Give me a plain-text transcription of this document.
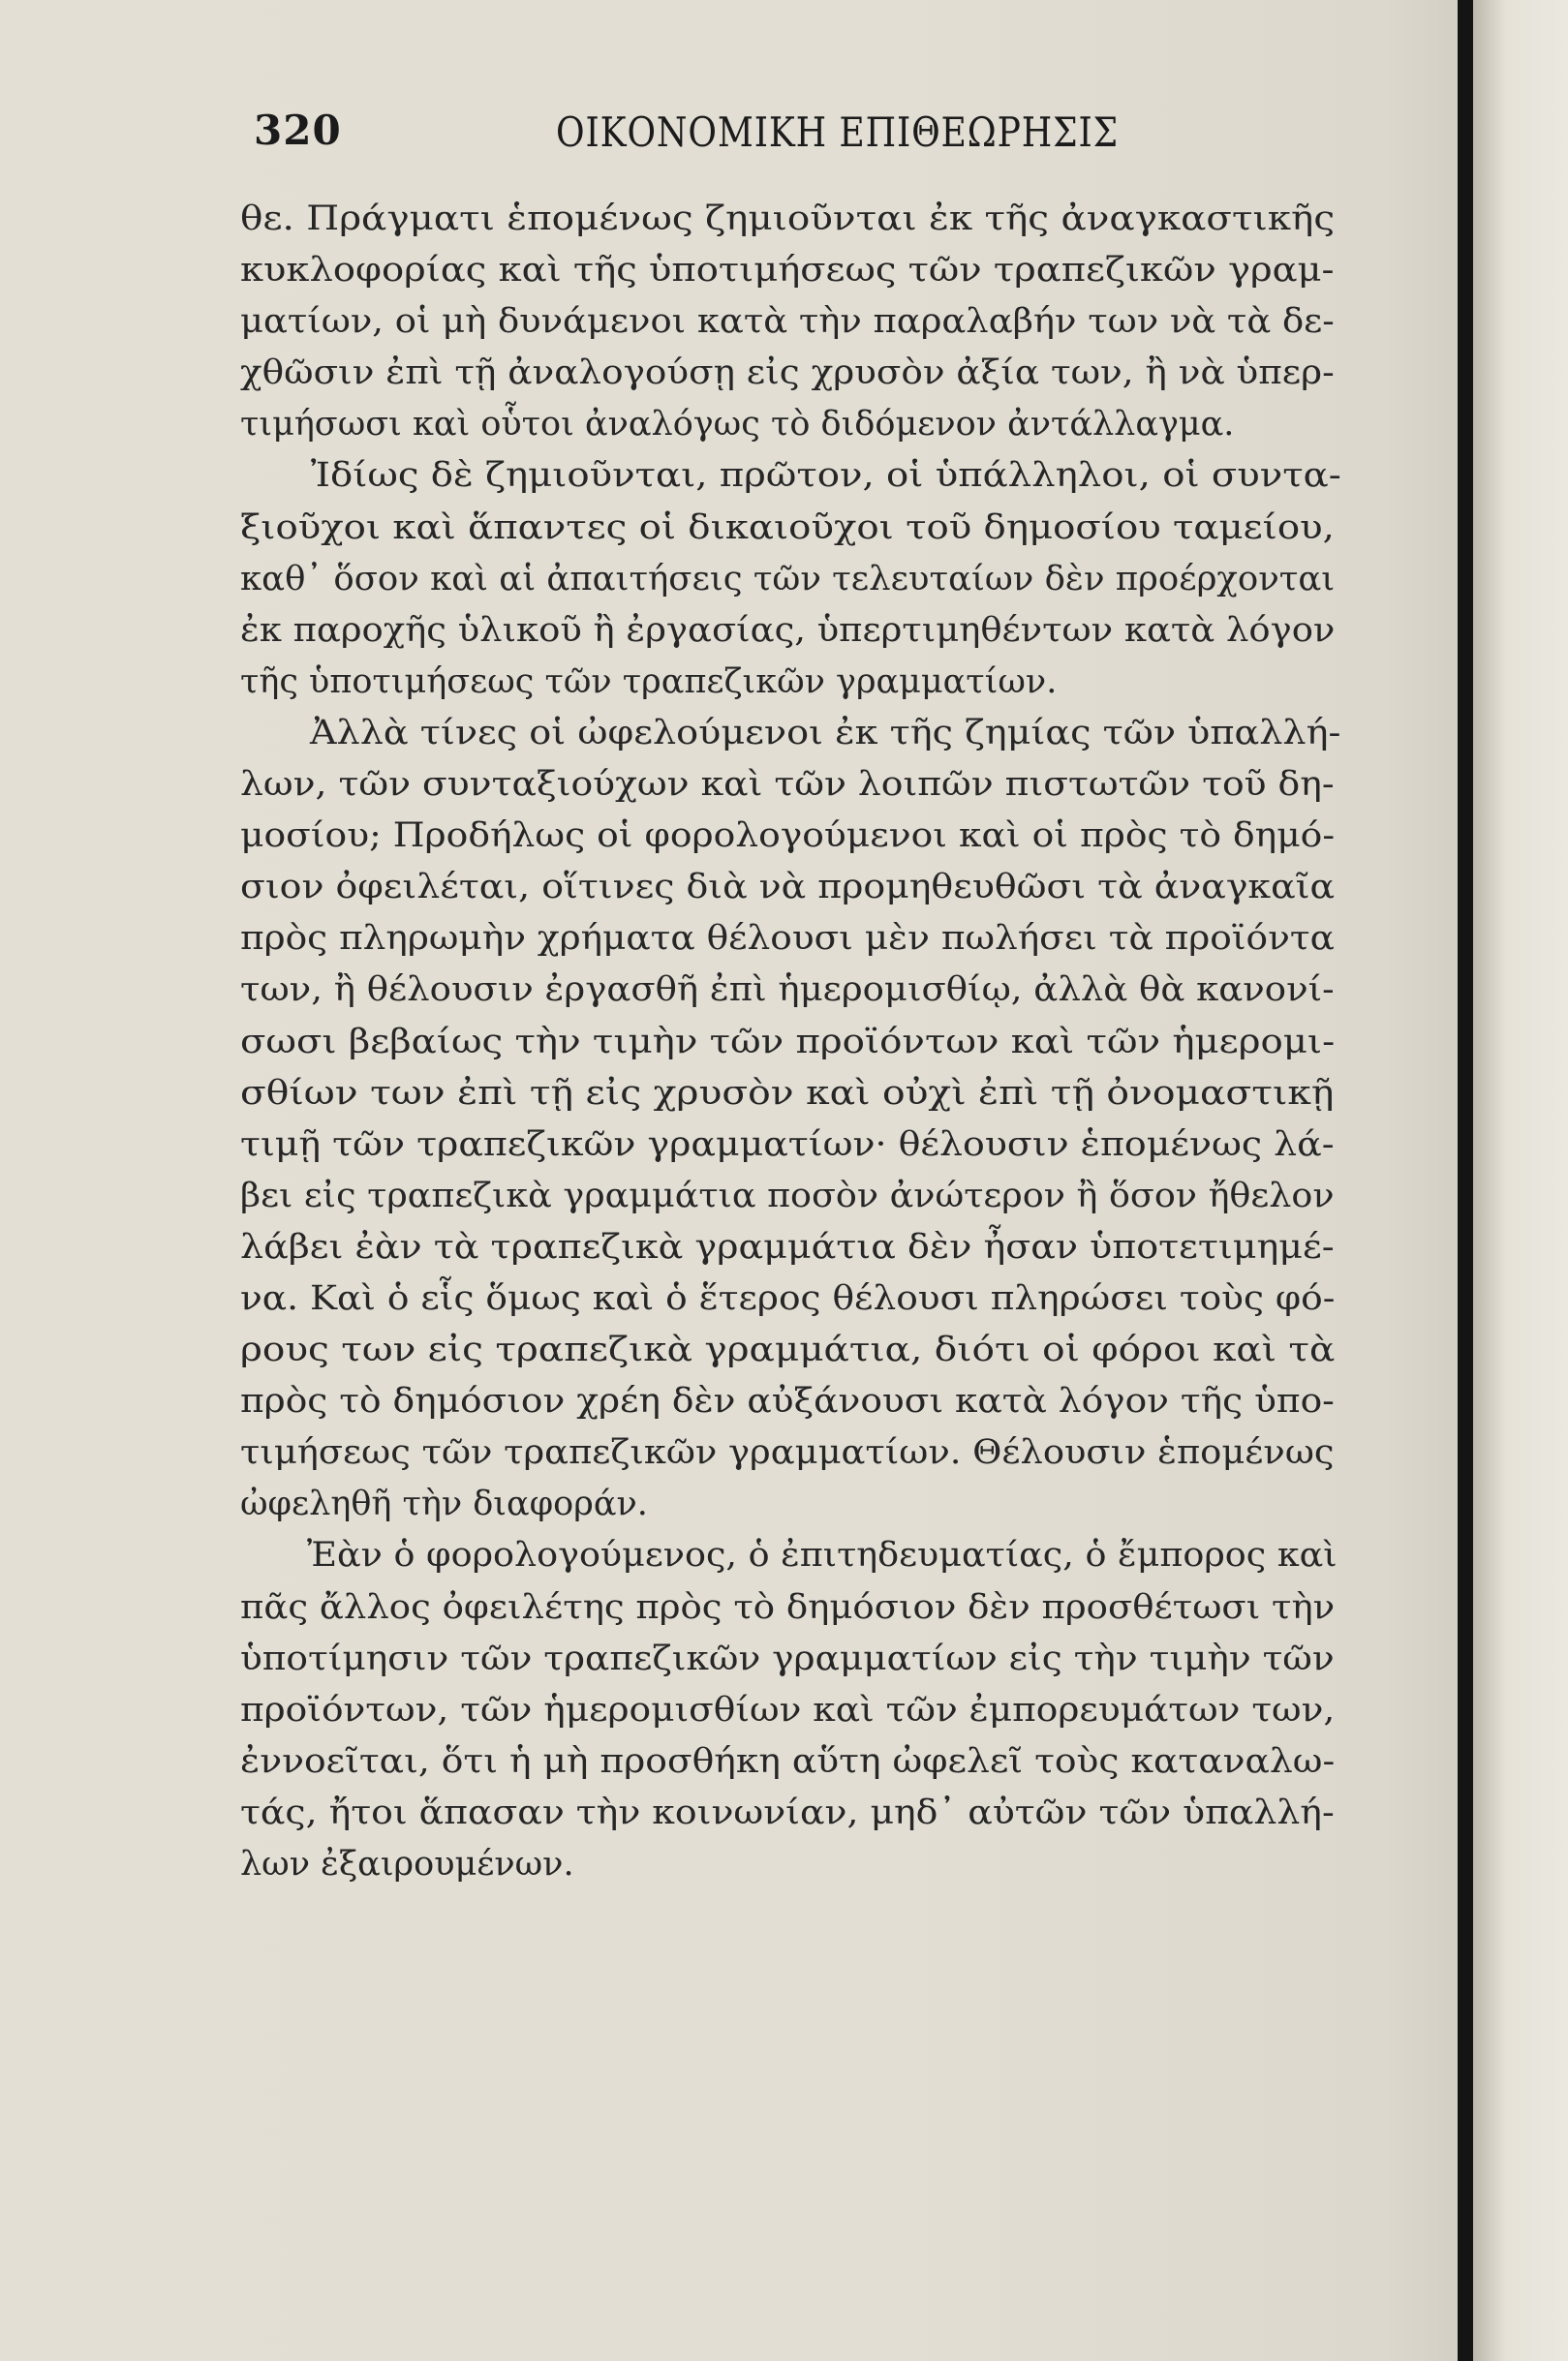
320	ΟΙΚΟΝΟΜΙΚΗ ΕΠΙΘΕΩΡΗΣΙΣ
θε. Πράγματι ἑπομένως ζημιοῦνται ἐκ τῆς ἀναγκαστικῆς
κυκλοφορίας καὶ τῆς ὑποτιμήσεως τῶν τραπεζικῶν γραμ-
ματίων, οἱ μὴ δυνάμενοι κατὰ τὴν παραλαβήν των νὰ τὰ δε-
χθῶσιν ἐπὶ τῇ ἀναλογούσῃ εἰς χρυσὸν ἀξία των, ἢ νὰ ὑπερ-
τιμήσωσι καὶ οὗτοι ἀναλόγως τὸ διδόμενον ἀντάλλαγμα.
Ἰδίως δὲ ζημιοῦνται, πρῶτον, οἱ ὑπάλληλοι, οἱ συντα-
ξιοῦχοι καὶ ἅπαντες οἱ δικαιοῦχοι τοῦ δημοσίου ταμείου,
καθ᾽ ὅσον καὶ αἱ ἀπαιτήσεις τῶν τελευταίων δὲν προέρχονται
ἐκ παροχῆς ὑλικοῦ ἢ ἐργασίας, ὑπερτιμηθέντων κατὰ λόγον
τῆς ὑποτιμήσεως τῶν τραπεζικῶν γραμματίων.
Ἀλλὰ τίνες οἱ ὠφελούμενοι ἐκ τῆς ζημίας τῶν ὑπαλλή-
λων, τῶν συνταξιούχων καὶ τῶν λοιπῶν πιστωτῶν τοῦ δη-
μοσίου; Προδήλως οἱ φορολογούμενοι καὶ οἱ πρὸς τὸ δημό-
σιον ὀφειλέται, οἵτινες διὰ νὰ προμηθευθῶσι τὰ ἀναγκαῖα
πρὸς πληρωμὴν χρήματα θέλουσι μὲν πωλήσει τὰ προϊόντα
των, ἢ θέλουσιν ἐργασθῆ ἐπὶ ἡμερομισθίῳ, ἀλλὰ θὰ κανονί-
σωσι βεβαίως τὴν τιμὴν τῶν προϊόντων καὶ τῶν ἡμερομι-
σθίων των ἐπὶ τῇ εἰς χρυσὸν καὶ οὐχὶ ἐπὶ τῇ ὀνομαστικῇ
τιμῇ τῶν τραπεζικῶν γραμματίων· θέλουσιν ἑπομένως λά-
βει εἰς τραπεζικὰ γραμμάτια ποσὸν ἀνώτερον ἢ ὅσον ἤθελον
λάβει ἐὰν τὰ τραπεζικὰ γραμμάτια δὲν ἦσαν ὑποτετιμημέ-
να. Καὶ ὁ εἷς ὅμως καὶ ὁ ἕτερος θέλουσι πληρώσει τοὺς φό-
ρους των εἰς τραπεζικὰ γραμμάτια, διότι οἱ φόροι καὶ τὰ
πρὸς τὸ δημόσιον χρέη δὲν αὐξάνουσι κατὰ λόγον τῆς ὑπο-
τιμήσεως τῶν τραπεζικῶν γραμματίων. Θέλουσιν ἑπομένως
ὠφεληθῆ τὴν διαφοράν.
Ἐὰν ὁ φορολογούμενος, ὁ ἐπιτηδευματίας, ὁ ἔμπορος καὶ
πᾶς ἄλλος ὀφειλέτης πρὸς τὸ δημόσιον δὲν προσθέτωσι τὴν
ὑποτίμησιν τῶν τραπεζικῶν γραμματίων εἰς τὴν τιμὴν τῶν
προϊόντων, τῶν ἡμερομισθίων καὶ τῶν ἐμπορευμάτων των,
ἐννοεῖται, ὅτι ἡ μὴ προσθήκη αὕτη ὠφελεῖ τοὺς καταναλω-
τάς, ἤτοι ἅπασαν τὴν κοινωνίαν, μηδ᾽ αὐτῶν τῶν ὑπαλλή-
λων ἐξαιρουμένων.
